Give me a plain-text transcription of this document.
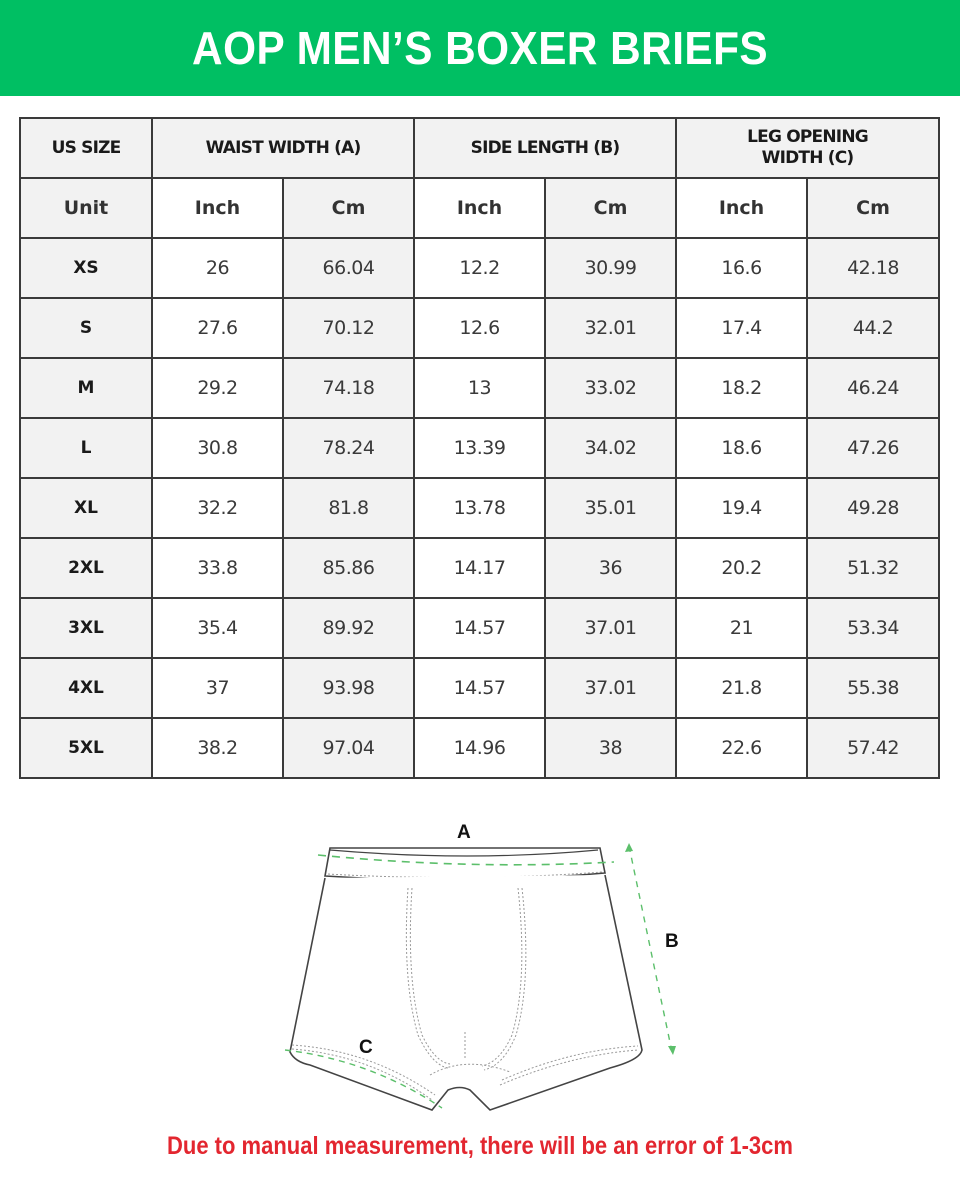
AOP MEN’S BOXER BRIEFS
US SIZE	WAIST WIDTH (A)		SIDE LENGTH (B)		LEG OPENING
WIDTH (C)	
Unit	Inch	Cm	Inch	Cm	Inch	Cm
XS	26	66.04	12.2	30.99	16.6	42.18
S	27.6	70.12	12.6	32.01	17.4	44.2
M	29.2	74.18	13	33.02	18.2	46.24
L	30.8	78.24	13.39	34.02	18.6	47.26
XL	32.2	81.8	13.78	35.01	19.4	49.28
2XL	33.8	85.86	14.17	36	20.2	51.32
3XL	35.4	89.92	14.57	37.01	21	53.34
4XL	37	93.98	14.57	37.01	21.8	55.38
5XL	38.2	97.04	14.96	38	22.6	57.42
A
B
C
Due to manual measurement, there will be an error of 1-3cm
